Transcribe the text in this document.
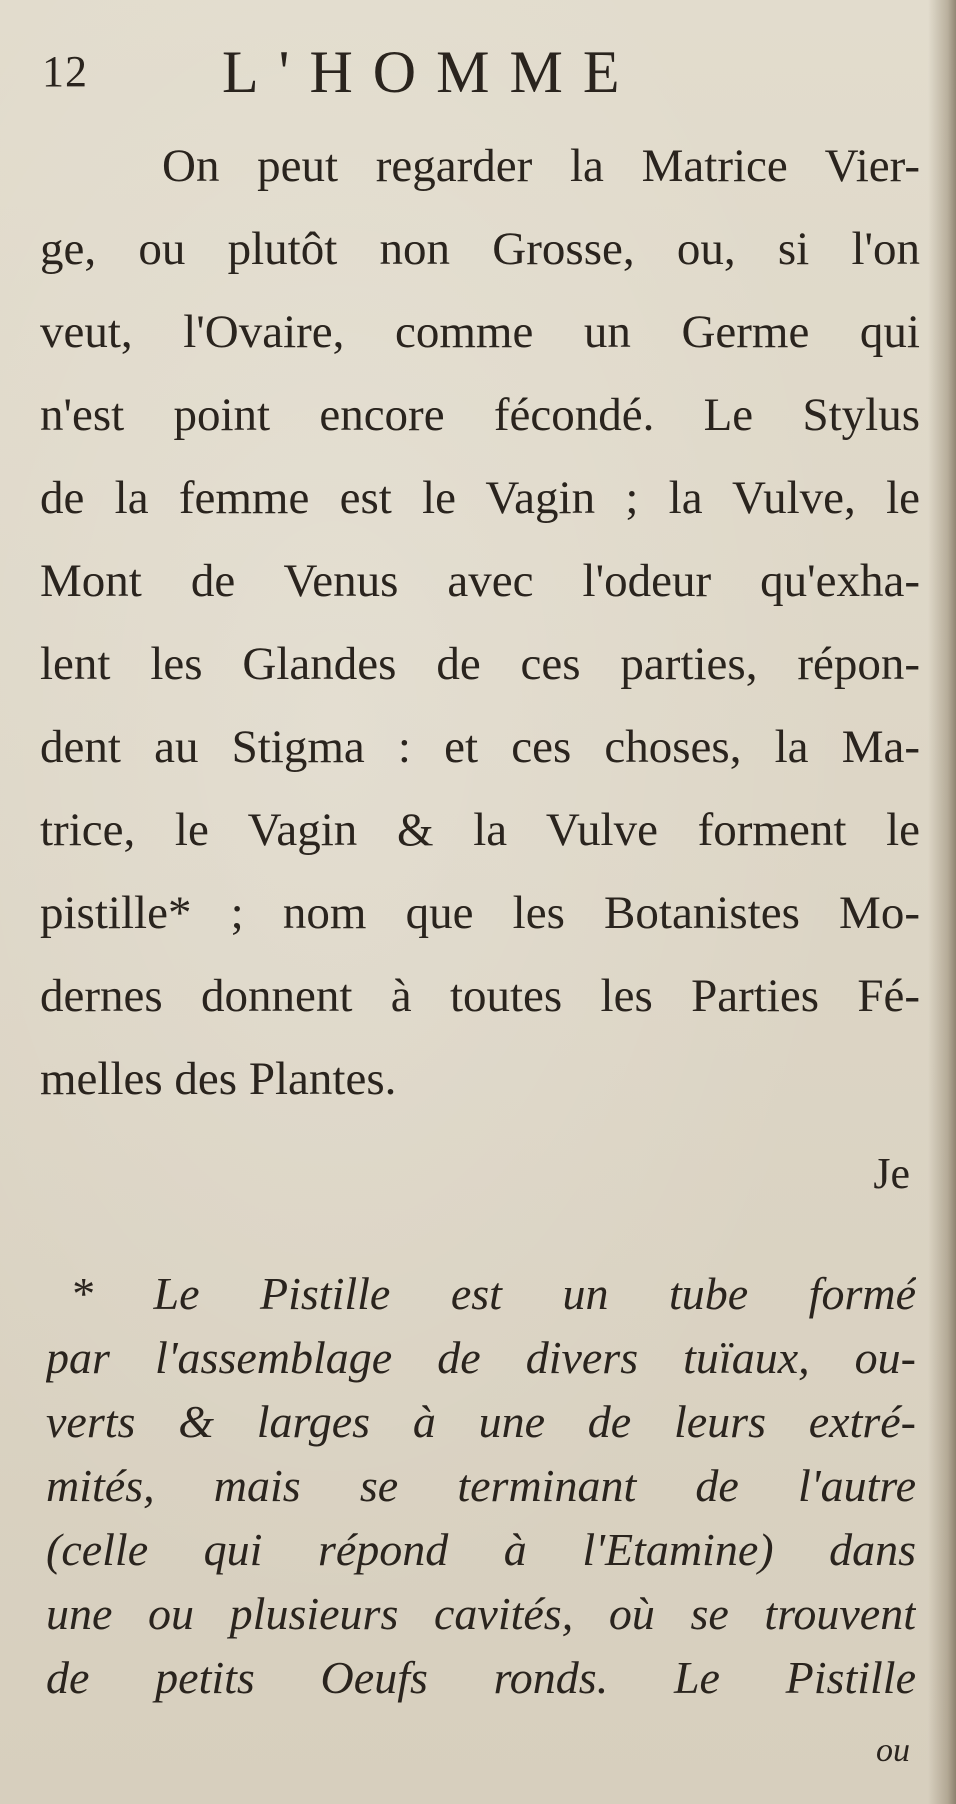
12 L'HOMME
On peut regarder la Matrice Vier-
ge, ou plutôt non Grosse, ou, si l'on
veut, l'Ovaire, comme un Germe qui
n'est point encore fécondé. Le Stylus
de la femme est le Vagin ; la Vulve, le
Mont de Venus avec l'odeur qu'exha-
lent les Glandes de ces parties, répon-
dent au Stigma : et ces choses, la Ma-
trice, le Vagin & la Vulve forment le
pistille* ; nom que les Botanistes Mo-
dernes donnent à toutes les Parties Fé-
melles des Plantes.
Je
* Le Pistille est un tube formé
par l'assemblage de divers tuïaux, ou-
verts & larges à une de leurs extré-
mités, mais se terminant de l'autre
(celle qui répond à l'Etamine) dans
une ou plusieurs cavités, où se trouvent
de petits Oeufs ronds. Le Pistille
ou
